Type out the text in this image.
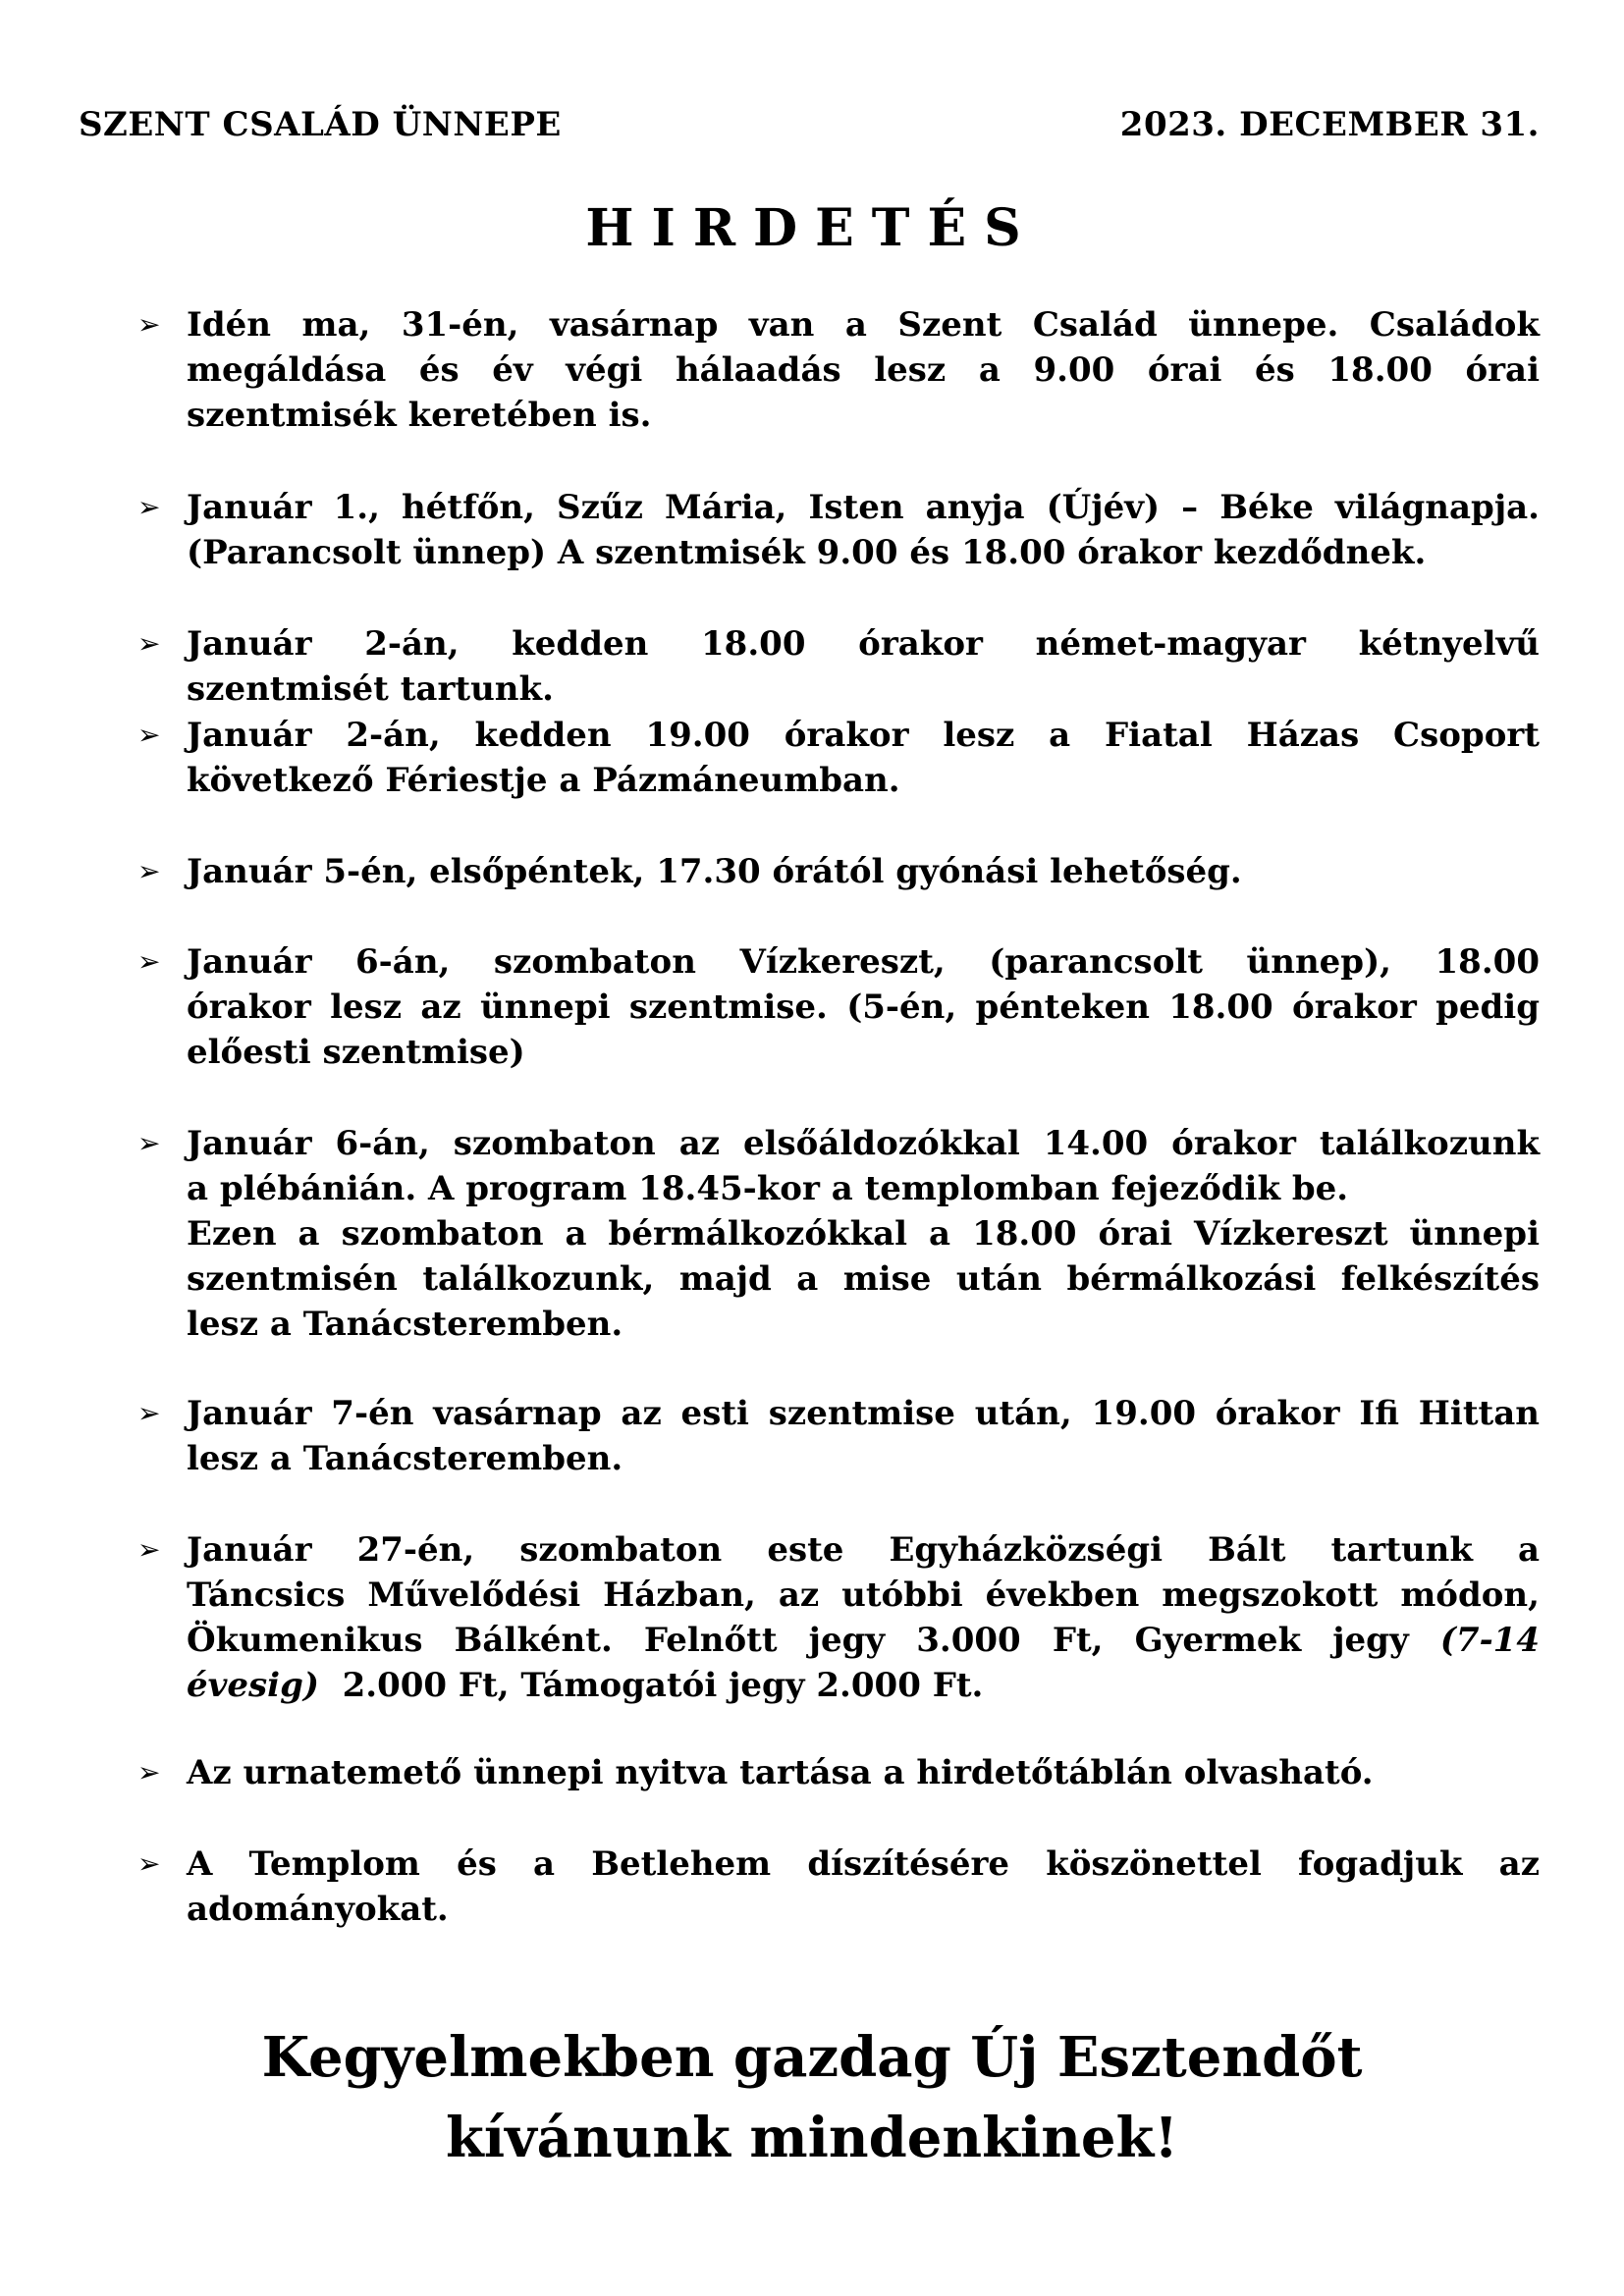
SZENT CSALÁD ÜNNEPE	2023. DECEMBER 31.
HIRDETÉS
➢ Idén ma, 31-én, vasárnap van a Szent Család ünnepe. Családok
megáldása és év végi hálaadás lesz a 9.00 órai és 18.00 órai
szentmisék keretében is.
➢ Január 1., hétfőn, Szűz Mária, Isten anyja (Újév) – Béke világnapja.
(Parancsolt ünnep) A szentmisék 9.00 és 18.00 órakor kezdődnek.
➢ Január 2-án, kedden 18.00 órakor német-magyar kétnyelvű
szentmisét tartunk.
➢ Január 2-án, kedden 19.00 órakor lesz a Fiatal Házas Csoport
következő Fériestje a Pázmáneumban.
➢ Január 5-én, elsőpéntek, 17.30 órától gyónási lehetőség.
➢ Január 6-án, szombaton Vízkereszt, (parancsolt ünnep), 18.00
órakor lesz az ünnepi szentmise. (5-én, pénteken 18.00 órakor pedig
előesti szentmise)
➢ Január 6-án, szombaton az elsőáldozókkal 14.00 órakor találkozunk
a plébánián. A program 18.45-kor a templomban fejeződik be.
Ezen a szombaton a bérmálkozókkal a 18.00 órai Vízkereszt ünnepi
szentmisén találkozunk, majd a mise után bérmálkozási felkészítés
lesz a Tanácsteremben.
➢ Január 7-én vasárnap az esti szentmise után, 19.00 órakor Ifi Hittan
lesz a Tanácsteremben.
➢ Január 27-én, szombaton este Egyházközségi Bált tartunk a
Táncsics Művelődési Házban, az utóbbi években megszokott módon,
Ökumenikus Bálként. Felnőtt jegy 3.000 Ft, Gyermek jegy (7-14
évesig)  2.000 Ft, Támogatói jegy 2.000 Ft.
➢ Az urnatemető ünnepi nyitva tartása a hirdetőtáblán olvasható.
➢ A Templom és a Betlehem díszítésére köszönettel fogadjuk az
adományokat.
Kegyelmekben gazdag Új Esztendőt
kívánunk mindenkinek!
